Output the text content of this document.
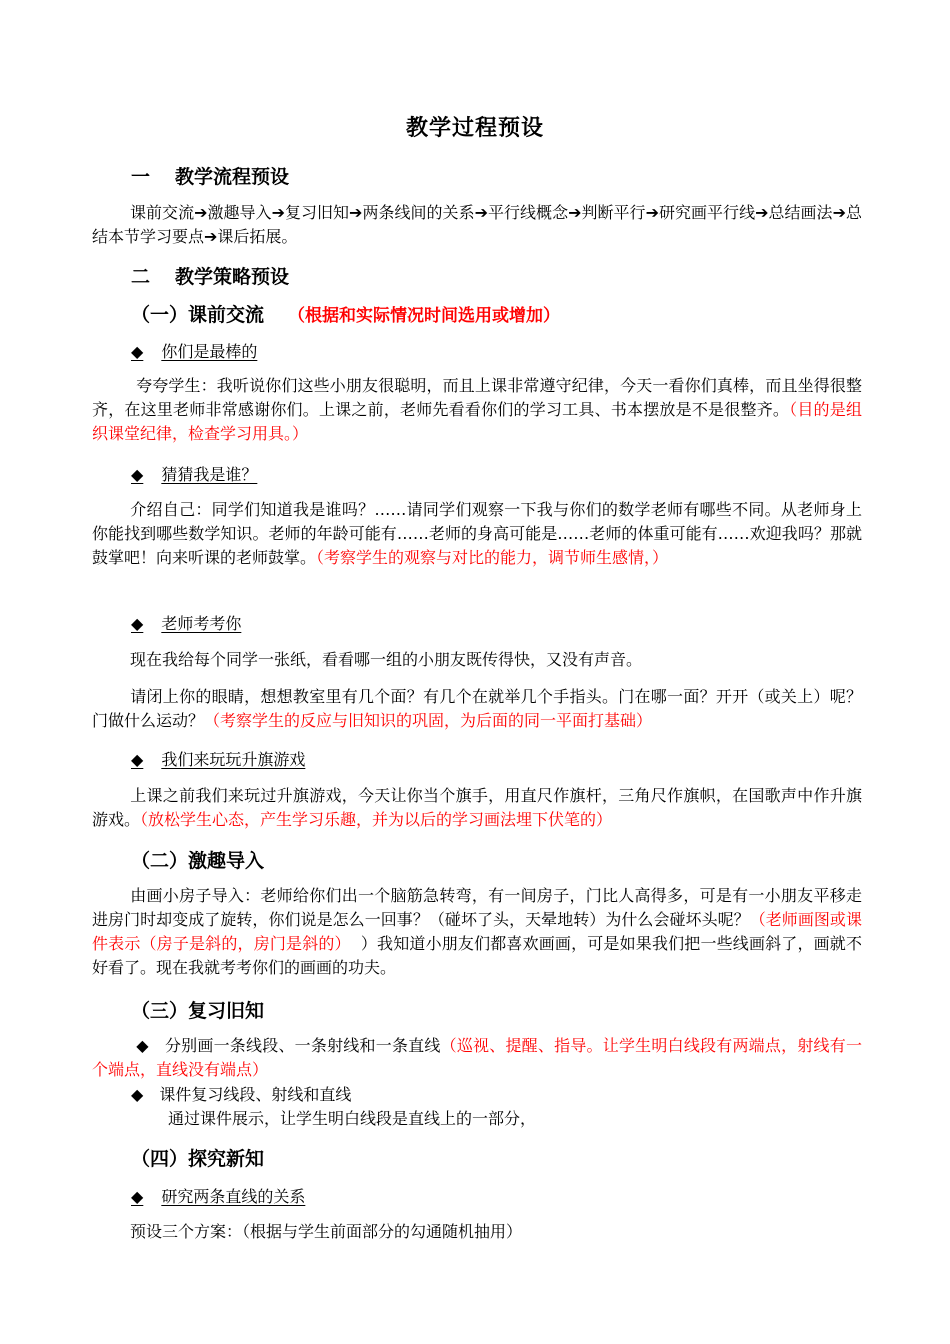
教学过程预设
一 教学流程预设
课前交流➔激趣导入➔复习旧知➔两条线间的关系➔平行线概念➔判断平行➔研究画平行线➔总结画法➔总结本节学习要点➔课后拓展。
二 教学策略预设
（一）课前交流 （根据和实际情况时间选用或增加）
◆ 你们是最棒的
夸夸学生：我听说你们这些小朋友很聪明，而且上课非常遵守纪律，今天一看你们真棒，而且坐得很整齐，在这里老师非常感谢你们。上课之前，老师先看看你们的学习工具、书本摆放是不是很整齐。（目的是组织课堂纪律，检查学习用具。）
◆ 猜猜我是谁？
介绍自己：同学们知道我是谁吗？……请同学们观察一下我与你们的数学老师有哪些不同。从老师身上你能找到哪些数学知识。老师的年龄可能有……老师的身高可能是……老师的体重可能有……欢迎我吗？那就鼓掌吧！向来听课的老师鼓掌。（考察学生的观察与对比的能力，调节师生感情，）
◆ 老师考考你
现在我给每个同学一张纸，看看哪一组的小朋友既传得快，又没有声音。
请闭上你的眼睛，想想教室里有几个面？有几个在就举几个手指头。门在哪一面？开开（或关上）呢？门做什么运动？（考察学生的反应与旧知识的巩固，为后面的同一平面打基础）
◆ 我们来玩玩升旗游戏
上课之前我们来玩过升旗游戏，今天让你当个旗手，用直尺作旗杆，三角尺作旗帜，在国歌声中作升旗游戏。（放松学生心态，产生学习乐趣，并为以后的学习画法埋下伏笔的）
（二）激趣导入
由画小房子导入：老师给你们出一个脑筋急转弯，有一间房子，门比人高得多，可是有一小朋友平移走进房门时却变成了旋转，你们说是怎么一回事？（碰坏了头，天晕地转）为什么会碰坏头呢？（老师画图或课件表示（房子是斜的，房门是斜的） ）我知道小朋友们都喜欢画画，可是如果我们把一些线画斜了，画就不好看了。现在我就考考你们的画画的功夫。
（三）复习旧知
◆ 分别画一条线段、一条射线和一条直线（巡视、提醒、指导。让学生明白线段有两端点，射线有一个端点，直线没有端点）
◆ 课件复习线段、射线和直线
通过课件展示，让学生明白线段是直线上的一部分，
（四）探究新知
◆ 研究两条直线的关系
预设三个方案：（根据与学生前面部分的勾通随机抽用）
